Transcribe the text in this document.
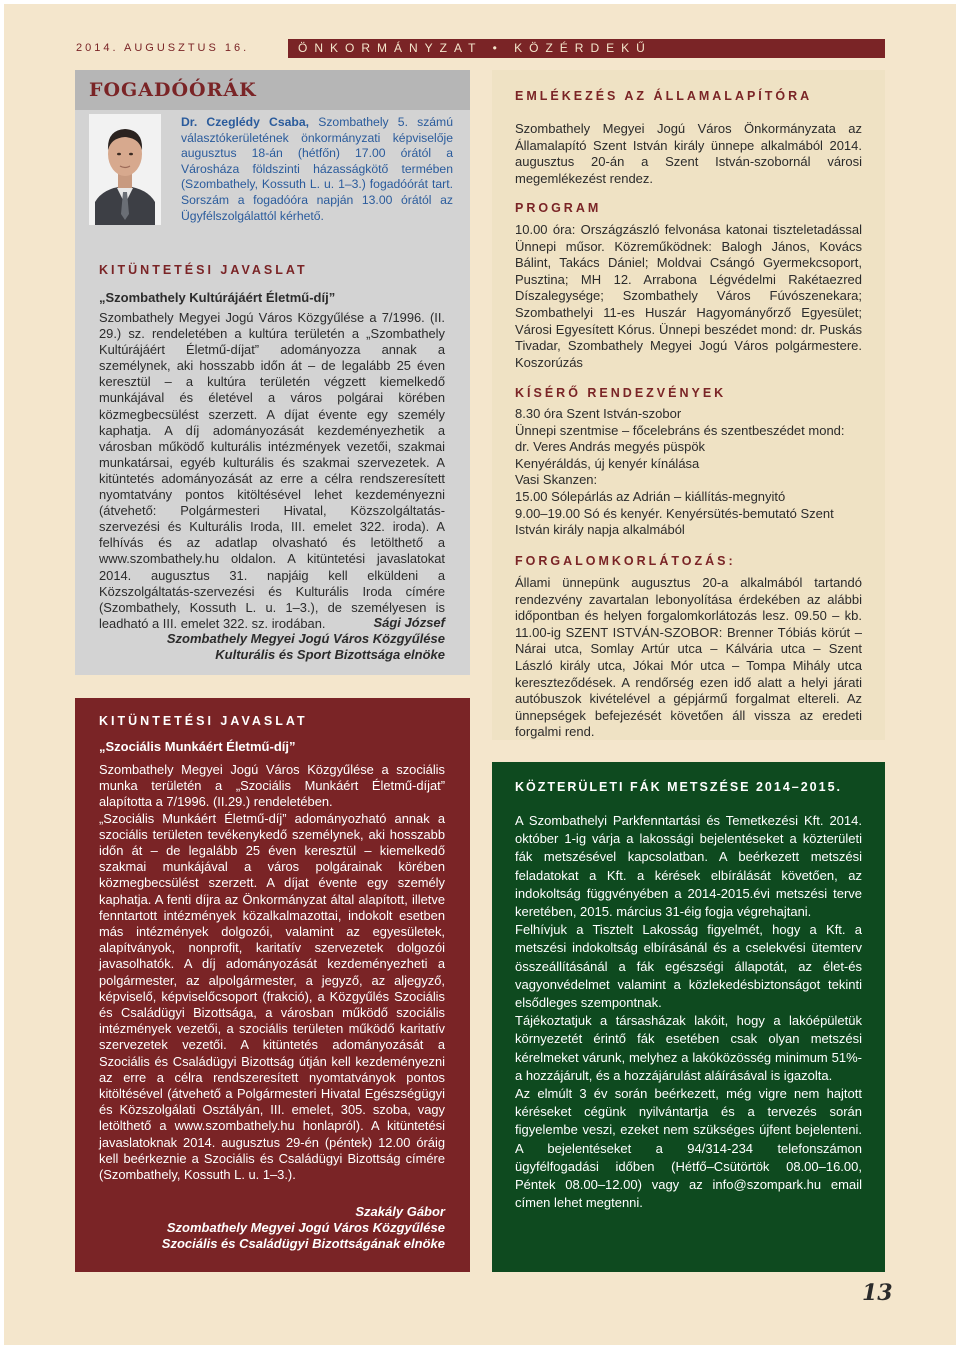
2014. AUGUSZTUS 16.	ÖNKORMÁNYZAT • KÖZÉRDEKŰ
FOGADÓÓRÁK
Dr. Czeglédy Csaba, Szombathely 5. számú választókerületének önkormányzati képviselője augusztus 18-án (hétfőn) 17.00 órától a Városháza földszinti házasságkötő termében (Szombathely, Kossuth L. u. 1–3.) fogadóórát tart. Sorszám a fogadóóra napján 13.00 órától az Ügyfélszolgálattól kérhető.
KITÜNTETÉSI JAVASLAT
„Szombathely Kultúrájáért Életmű-díj”
Szombathely Megyei Jogú Város Közgyűlése a 7/1996. (II. 29.) sz. rendeletében a kultúra területén a „Szombathely Kultúrájáért Életmű-díjat” adományozza annak a személynek, aki hosszabb időn át – de legalább 25 éven keresztül – a kultúra területén végzett kiemelkedő munkájával és életével a város polgárai körében közmegbecsülést szerzett. A díjat évente egy személy kaphatja. A díj adományozását kezdeményezhetik a városban működő kulturális intézmények vezetői, szakmai munkatársai, egyéb kulturális és szakmai szervezetek. A kitüntetés adományozását az erre a célra rendszeresített nyomtatvány pontos kitöltésével lehet kezdeményezni (átvehető: Polgármesteri Hivatal, Közszolgáltatás-szervezési és Kulturális Iroda, III. emelet 322. iroda). A felhívás és az adatlap olvasható és letölthető a www.szombathely.hu oldalon. A kitüntetési javaslatokat 2014. augusztus 31. napjáig kell elküldeni a Közszolgáltatás-szervezési és Kulturális Iroda címére (Szombathely, Kossuth L. u. 1–3.), de személyesen is leadható a III. emelet 322. sz. irodában.	Sági József
Szombathely Megyei Jogú Város Közgyűlése
Kulturális és Sport Bizottsága elnöke
KITÜNTETÉSI JAVASLAT
„Szociális Munkáért Életmű-díj”

Szombathely Megyei Jogú Város Közgyűlése a szociális munka területén a „Szociális Munkáért Életmű-díjat” alapította a 7/1996. (II.29.) rendeletében.

„Szociális Munkáért Életmű-díj” adományozható annak a szociális területen tevékenykedő személynek, aki hosszabb időn át – de legalább 25 éven keresztül – kiemelkedő szakmai munkájával a város polgárainak körében közmegbecsülést szerzett. A díjat évente egy személy kaphatja. A fenti díjra az Önkormányzat által alapított, illetve fenntartott intézmények közalkalmazottai, indokolt esetben más intézmények dolgozói, valamint az egyesületek, alapítványok, nonprofit, karitatív szervezetek dolgozói javasolhatók. A díj adományozását kezdeményezheti a polgármester, az alpolgármester, a jegyző, az aljegyző, képviselő, képviselőcsoport (frakció), a Közgyűlés Szociális és Családügyi Bizottsága, a városban működő szociális intézmények vezetői, a szociális területen működő karitatív szervezetek vezetői. A kitüntetés adományozását a Szociális és Családügyi Bizottság útján kell kezdeményezni az erre a célra rendszeresített nyomtatványok pontos kitöltésével (átvehető a Polgármesteri Hivatal Egészségügyi és Közszolgálati Osztályán, III. emelet, 305. szoba, vagy letölthető a www.szombathely.hu honlapról). A kitüntetési javaslatoknak 2014. augusztus 29-én (péntek) 12.00 óráig kell beérkeznie a Szociális és Családügyi Bizottság címére (Szombathely, Kossuth L. u. 1–3.).

Szakály Gábor
Szombathely Megyei Jogú Város Közgyűlése
Szociális és Családügyi Bizottságának elnöke
EMLÉKEZÉS AZ ÁLLAMALAPÍTÓRA
Szombathely Megyei Jogú Város Önkormányzata az Államalapító Szent István király ünnepe alkalmából 2014. augusztus 20-án a Szent István-szobornál városi megemlékezést rendez.
PROGRAM
10.00 óra: Országzászló felvonása katonai tiszteletadással Ünnepi műsor. Közreműködnek: Balogh János, Kovács Bálint, Takács Dániel; Moldvai Csángó Gyermekcsoport, Pusztina; MH 12. Arrabona Légvédelmi Rakétaezred Díszalegysége; Szombathely Város Fúvószenekara; Szombathelyi 11-es Huszár Hagyományőrző Egyesület; Városi Egyesített Kórus. Ünnepi beszédet mond: dr. Puskás Tivadar, Szombathely Megyei Jogú Város polgármestere. Koszorúzás
KÍSÉRŐ RENDEZVÉNYEK

8.30 óra Szent István-szobor

Ünnepi szentmise – főcelebráns és szentbeszédet mond: dr. Veres András megyés püspök

Kenyéráldás, új kenyér kínálása

Vasi Skanzen:

15.00 Sólepárlás az Adrián – kiállítás-megnyitó

9.00–19.00 Só és kenyér. Kenyérsütés-bemutató Szent István király napja alkalmából

FORGALOMKORLÁTOZÁS:
Állami ünnepünk augusztus 20-a alkalmából tartandó rendezvény zavartalan lebonyolítása érdekében az alábbi időpontban és helyen forgalomkorlátozás lesz. 09.50 – kb. 11.00-ig SZENT ISTVÁN-SZOBOR: Brenner Tóbiás körút – Nárai utca, Somlay Artúr utca – Kálvária utca – Szent László király utca, Jókai Mór utca – Tompa Mihály utca kereszteződések. A rendőrség ezen idő alatt a helyi járati autóbuszok kivételével a gépjármű forgalmat eltereli. Az ünnepségek befejezését követően áll vissza az eredeti forgalmi rend.
KÖZTERÜLETI FÁK METSZÉSE 2014–2015.

A Szombathelyi Parkfenntartási és Temetkezési Kft. 2014. október 1-ig várja a lakossági bejelentéseket a közterületi fák metszésével kapcsolatban. A beérkezett metszési feladatokat a Kft. a kérések elbírálását követően, az indokoltság függvényében a 2014-2015.évi metszési terve keretében, 2015. március 31-éig fogja végrehajtani.

Felhívjuk a Tisztelt Lakosság figyelmét, hogy a Kft. a metszési indokoltság elbírásánál és a cselekvési ütemterv összeállításánál a fák egészségi állapotát, az élet-és vagyonvédelmet valamint a közlekedésbiztonságot tekinti elsődleges szempontnak.

Tájékoztatjuk a társasházak lakóit, hogy a lakóépületük környezetét érintő fák esetében csak olyan metszési kérelmeket várunk, melyhez a lakóközösség minimum 51%-a hozzájárult, és a hozzájárulást aláírásával is igazolta.

Az elmúlt 3 év során beérkezett, még vigre nem hajtott kéréseket cégünk nyilvántartja és a tervezés során figyelembe veszi, ezeket nem szükséges újfent bejelenteni. A bejelentéseket a 94/314-234 telefonszámon ügyfélfogadási időben (Hétfő–Csütörtök 08.00–16.00, Péntek 08.00–12.00) vagy az info@szompark.hu email címen lehet megtenni.

13
